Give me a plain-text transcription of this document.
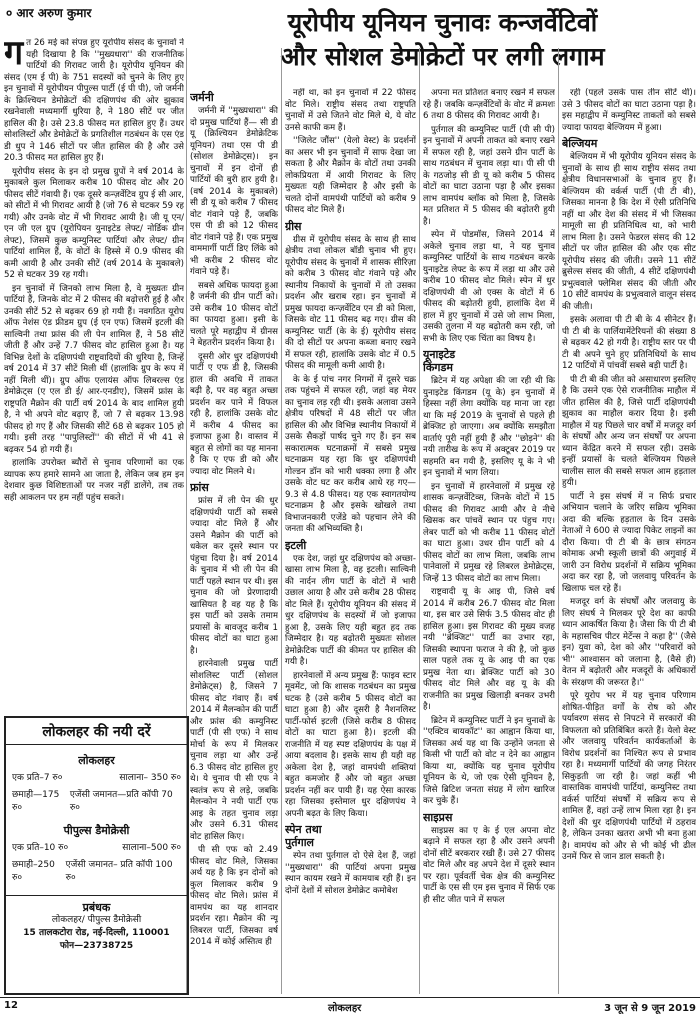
० आर अरुण कुमार	यूरोपीय यूनियन चुनावः कन्जर्वेटिवों
और सोशल डेमोक्रेटों पर लगी लगाम

गत 26 मई को संपन्न हुए यूरोपीय संसद के चुनावों ने यही दिखाया है कि ''मुख्यधारा'' की राजनीतिक पार्टियों की गिरावट जारी है। यूरोपीय यूनियन की संसद (एम ई पी) के 751 सदस्यों को चुनने के लिए हुए इन चुनावों में यूरोपीयन पीपुल्स पार्टी (ई पी पी), जो जर्मनी के क्रिश्चियन डेमोक्रेटों की दक्षिणपंथ की ओर झुकाव रखनेवाली मध्यमार्गी धुरिया है, ने 180 सीटें पर जीत हासिल की है। उसे 23.8 फीसद मत हासिल हुए हैं। उधर सोशलिस्टों और डेमोक्रेटों के प्रगतिशील गठबंधन के एस एंड डी धुप ने 146 सीटों पर जीत हासिल की है और उसे 20.3 फीसद मत हासिल हुए हैं।

यूरोपीय संसद के इन दो प्रमुख ग्रुपों ने वर्ष 2014 के मुकाबले कुल मिलाकर करीब 10 फीसद वोट और 20 फीसद सीटें गंवायी हैं। एक दूसरे कन्ज़र्वेटिव ग्रुप ई सी आर, को सीटों में भी गिरावट आयी है (जो 76 से घटकर 59 रह गयी) और उनके वोट में भी गिरावट आयी है। जी यू एन/ एन जी एल ग्रुप (यूरोपियन युनाइटेड लेफ्ट/ नोर्डिक ग्रीन लेफ्ट), जिसमें कुछ कम्युनिस्ट पार्टियां और लेफ्ट/ ग्रीन पार्टियां शामिल हैं, के वोटों के हिस्से में 0.9 फीसद की कमी आयी है और उनकी सीटें (वर्ष 2014 के मुकाबले) 52 से घटकर 39 रह गयी।

इन चुनावों में जिनको लाभ मिला है, वे मुख्यतः ग्रीन पार्टियां हैं, जिनके वोट में 2 फीसद की बढ़ोत्तरी हुई है और उनकी सीटें 52 से बढ़कर 69 हो गयी हैं। नवगठित यूरोप ऑफ नेशंस एंड फ्रीडम ग्रुप (ई एन एफ) जिसमें इटली की साल्विनी तथा फ्रांस की ली पेन शामिल हैं, ने 58 सीटें जीती हैं और उन्हें 7.7 फीसद वोट हासिल हुआ है। यह विभिन्न देशों के दक्षिणपंथी राष्ट्रवादियों की धुरिया है, जिन्हें वर्ष 2014 में 37 सीटें मिली थीं (हालांकि ग्रुप के रूप में नहीं मिली थीं)। ग्रुप ऑफ एलायंस ऑफ लिबरल्स एंड डेमोक्रेट्स (ए एल डी ई/ आर-एनडीए), जिसमें फ्रांस के राष्ट्रपति मैक्रोन की पार्टी वर्ष 2014 के बाद शामिल हुयी है, ने भी अपने वोट बढ़ाए हैं, जो 7 से बढ़कर 13.98 फीसद हो गए हैं और जिसकी सीटें 68 से बढ़कर 105 हो गयी। इसी तरह ''पापुलिस्टों'' की सीटों में भी 41 से बढ़कर 54 हो गयी हैं।

हालांकि उपरोक्त ब्यौरों से चुनाव परिणामों का एक व्यापक रूप हमारे सामने आ जाता है, लेकिन जब हम इन देशवार कुछ विशिष्टताओं पर नजर नहीं डालेंगे, तब तक सही आकलन पर हम नहीं पहुंच सकते।

लोकलहर की नयी दरें
लोकलहर
एक प्रति–7 रु०	सालाना– 350 रु०
छमाही—175 रु०
एजेंसी जमानत—प्रति कॉपी 70 रु०
पीपुल्स डैमोक्रेसी
एक प्रति–10 रु०	सालाना–500 रु०
छमाही–250 रु०
एजेंसी जमानत– प्रति कॉपी 100 रु०
प्रबंधक
लोकलहर/ पीपुल्स डैमोक्रेसी
15 तालकटोरा रोड, नई-दिल्ली, 110001
फोन—23738725
जर्मनी

जर्मनी में ''मुख्यधारा'' की दो प्रमुख पार्टियां हैं— सी डी यू (क्रिश्चियन डेमोक्रेटिक यूनियन) तथा एस पी डी (सोशल डेमोक्रेट्स)। इन चुनावों में इन दोनों ही पार्टियों की बुरी हार हुयी है। (वर्ष 2014 के मुकाबले) सी डी यू को करीब 7 फीसद वोट गंवाने पड़े हैं, जबकि एस पी डी को 12 फीसद वोट गंवाने पड़े हैं। एक प्रमुख वाममार्गी पार्टी डिए लिंके को भी करीब 2 फीसद वोट गंवाने पड़े हैं।

सबसे अधिक फायदा हुआ है जर्मनी की ग्रीन पार्टी को। उसे करीब 10 फीसद वोटों का फायदा हुआ। इसी के चलते पूरे महाद्वीप में ग्रीनस ने बेहतरीन प्रदर्शन किया है।

दूसरी ओर धुर दक्षिणपंथी पार्टी ए एफ डी है, जिसकी हाल की अवधि में ताकत बढ़ी है, पर वह बहुत अच्छा प्रदर्शन कर पाने में विफल रही है, हालांकि उसके वोट में करीब 4 फीसद का इजाफा हुआ है। वास्तव में बहुत से लोगों का यह मानना है कि ए एफ डी को और ज्यादा वोट मिलने थे।

फ्रांस

फ्रांस में ली पेन की धुर दक्षिणपंथी पार्टी को सबसे ज्यादा वोट मिले हैं और उसने मैक्रोन की पार्टी को धकेल कर दूसरे स्थान पर पंहुचा दिया है। वर्ष 2014 के चुनाव में भी ली पेन की पार्टी पहले स्थान पर थी। इस चुनाव की जो प्रेरणादायी खासियत है वह यह है कि इस पार्टी को उसके तमाम प्रयासों के बावजूद करीब 1 फीसद वोटों का घाटा हुआ है।

हारनेवाली प्रमुख पार्टी सोशलिस्ट पार्टी (सोशल डेमोक्रेट्स) है, जिसने 7 फीसद वोट गंवाए हैं। वर्ष 2014 में मैलन्कोन की पार्टी और फ्रांस की कम्युनिस्ट पार्टी (पी सी एफ) ने साथ मोर्चा के रूप में मिलकर चुनाव लड़ा था और उन्हें 6.3 फीसद वोट हासिल हुए थे। ये चुनाव पी सी एफ ने स्वतंत्र रूप से लड़े, जबकि मैलन्कोन ने नयी पार्टी एफ आइ के तहत चुनाव लड़ा और उसने 6.31 फीसद वोट हासिल किए।

पी सी एफ को 2.49 फीसद वोट मिले, जिसका अर्थ यह है कि इन दोनों को कुल मिलाकर करीब 9 फीसद वोट मिले। फ्रांस में वामपंथ का यह शानदार प्रदर्शन रहा। मैक्रोन की न्यू लिबरल पार्टी, जिसका वर्ष 2014 में कोई अस्तित्व ही

नहीं था, को इन चुनावों में 22 फीसद वोट मिले। राष्ट्रीय संसद तथा राष्ट्रपति चुनावों में उसे जितने वोट मिले थे, ये वोट उनसे काफी कम हैं।

''जिलेट जौंस'' (येलो वेस्ट) के प्रदर्शनों का असर भी इन चुनावों में साफ देखा जा सकता है और मैक्रोन के वोटों तथा उनकी लोकप्रियता में आयी गिरावट के लिए मुख्यतः यही जिम्मेदार है और इसी के चलते दोनों वामपंथी पार्टियों को करीब 9 फीसद वोट मिले हैं।

ग्रीस

ग्रीस में यूरोपीय संसद के साथ ही साथ क्षेत्रीय तथा लोकल बॉडी चुनाव भी हुए। यूरोपीय संसद के चुनावों में शासक सीरिज़ा को करीब 3 फीसद वोट गंवाने पड़े और स्थानीय निकायों के चुनावों में तो उसका प्रदर्शन और खराब रहा। इन चुनावों में प्रमुख फायदा कन्ज़र्वेटिव एन डी को मिला, जिसके वोट 11 फीसद बढ़ गए। ग्रीस की कम्युनिस्ट पार्टी (के के ई) यूरोपीय संसद की दो सीटों पर अपना कब्जा बनाए रखने में सफल रही, हालांकि उसके वोट में 0.5 फीसद की मामूली कमी आयी है।

के के ई पांच नगर निगमों में दूसरे चक्र तक पहुंचने में सफल रही, जहां वह मेयर का चुनाव लड़ रही थी। इसके अलावा उसने क्षेत्रीय परिषदों में 48 सीटों पर जीत हासिल की और विभिन्न स्थानीय निकायों में उसके सैकड़ों पार्षद चुने गए हैं। इन सब सकारात्मक घटनाक्रमों में सबसे प्रमुख घटनाक्रम यह रहा कि धुर दक्षिणपंथी गोल्डन डॉन को भारी धक्का लगा है और उसके वोट घट कर करीब आधे रह गए—9.3 से 4.8 फीसद। यह एक स्वागतयोग्य घटनाक्रम है और इसके खोखले तथा विभाजनकारी एजेंडे को पहचान लेने की जनता की अभिव्यक्ति है।

इटली

एक देश, जहां धुर दक्षिणपंथ को अच्छा-खासा लाभ मिला है, वह इटली। साल्विनी की नार्दन लीग पार्टी के वोटों में भारी उछाल आया है और उसे करीब 28 फीसद वोट मिले हैं। यूरोपीय यूनियन की संसद में धुर दक्षिणपंथ के सदस्यों में जो इजाफा हुआ है, उसके लिए यही बहुत हद तक जिम्मेदार है। यह बढ़ोतरी मुख्यतः सोशल डेमोक्रेटिक पार्टी की कीमत पर हासिल की गयी है।

हारनेवालों में अन्य प्रमुख हैं: फाइव स्टार मूवमेंट, जो कि शासक गठबंधन का प्रमुख घटक है (उसे करीब 5 फीसद वोटों का घाटा हुआ है) और दूसरी है नैशनलिस्ट पार्टी-फोर्स इटली (जिसे करीब 8 फीसद वोटों का घाटा हुआ है)। इटली की राजनीति में यह स्पष्ट दक्षिणपंथ के पक्ष में आया बदलाव है। इसके साथ ही यही वह अकेला देश है, जहां वामपंथी शक्तियां बहुत कमजोर हैं और जो बहुत अच्छा प्रदर्शन नहीं कर पायी हैं। यह ऐसा कारक रहा जिसका इस्तेमाल धुर दक्षिणपंथ ने अपनी बढ़त के लिए किया।

स्पेन तथा
पुर्तगाल

स्पेन तथा पुर्तगाल दो ऐसे देश हैं, जहां ''मुख्यधारा'' की पार्टियां अपना प्रमुख स्थान कायम रखने में कामयाब रही हैं। इन दोनों देशों में सोशल डेमोक्रेट कमोबेश

अपना मत प्रतिशत बनाए रखने में सफल रहे हैं। जबकि कन्ज़र्वेटिवों के वोट में क्रमशः 6 तथा 8 फीसद की गिरावट आयी है।

पुर्तगाल की कम्युनिस्ट पार्टी (पी सी पी) इन चुनावों में अपनी ताकत को बनाए रखने में सफल रही है, जहां उसने ग्रीन पार्टी के साथ गठबंधन में चुनाव लड़ा था। पी सी पी के गठजोड़ सी डी यू को करीब 5 फीसद वोटों का घाटा उठाना पड़ा है और इसका लाभ वामपंथ ब्लॉक को मिला है, जिसके मत प्रतिशत में 5 फीसद की बढ़ोतरी हुयी है।

स्पेन में पोडमॉस, जिसने 2014 में अकेले चुनाव लड़ा था, ने यह चुनाव कम्युनिस्ट पार्टियों के साथ गठबंधन करके युनाइटेड लेफ्ट के रूप में लड़ा था और उसे करीब 10 फीसद वोट मिले। स्पेन में धुर दक्षिणपंथी वी ओ एक्स के वोटों में 6 फीसद की बढ़ोतरी हुयी, हालांकि देश में हाल में हुए चुनावों में उसे जो लाभ मिला, उसकी तुलना में यह बढ़ोतरी कम रही, जो सभी के लिए एक चिंता का विषय है।

यूनाइटेड
किंगडम

ब्रिटेन में यह अपेक्षा की जा रही थी कि युनाइटेड किंगडम (यू के) इन चुनावों में हिस्सा नहीं लेगा क्योंकि यह माना जा रहा था कि मई 2019 के चुनावों से पहले ही ब्रेक्जिट हो जाएगा। अब क्योंकि समझौता वार्ताएं पूरी नहीं हुयी हैं और ''छोड़ने'' की नयी तारीख के रूप में अक्टूबर 2019 पर सहमति बन गयी है, इसलिए यू के ने भी इन चुनावों में भाग लिया।

इन चुनावों में हारनेवालों में प्रमुख रहे शासक कन्ज़र्वेटिव्स, जिनके वोटों में 15 फीसद की गिरावट आयी और वे नीचे खिसक कर पांचवें स्थान पर पंहुच गए। लेबर पार्टी को भी करीब 11 फीसद वोटों का घाटा हुआ। उधर ग्रीन पार्टी को 4 फीसद वोटों का लाभ मिला, जबकि लाभ पानेवालों में प्रमुख रहे लिबरल डेमोक्रेट्स, जिन्हें 13 फीसद वोटों का लाभ मिला।

राष्ट्रवादी यू के आइ पी, जिसे वर्ष 2014 में करीब 26.7 फीसद वोट मिला था, इस बार उसे सिर्फ 3.5 फीसद वोट ही हासिल हुआ। इस गिरावट की मुख्य वजह नयी ''ब्रेक्जिट'' पार्टी का उभार रहा, जिसकी स्थापना फराज ने की है, जो कुछ साल पहले तक यू के आइ पी का एक प्रमुख नेता था। ब्रेक्जिट पार्टी को 30 फीसद वोट मिले और वह यू के की राजनीति का प्रमुख खिलाड़ी बनकर उभरी है।

ब्रिटेन में कम्युनिस्ट पार्टी ने इन चुनावों के ''एक्टिव बायकॉट'' का आह्वान किया था, जिसका अर्थ यह था कि उन्होंने जनता से किसी भी पार्टी को वोट न देने का आह्वान किया था, क्योंकि यह चुनाव यूरोपीय यूनियन के थे, जो एक ऐसी यूनियन है, जिसे ब्रिटिश जनता संग्रह में लोग खारिज कर चुके हैं।

साइप्रस

साइप्रस का ए के ई एल अपना वोट बढ़ाने में सफल रहा है और उसने अपनी दोनों सीटें बरकरार रखी हैं। उसे 27 फीसद वोट मिले और वह अपने देश में दूसरे स्थान पर रहा। पूर्ववर्ती चेक क्षेत्र की कम्युनिस्ट पार्टी के एस सी एम इस चुनाव में सिर्फ एक ही सीट जीत पाने में सफल

रही (पहले उसके पास तीन सीटें थीं)। उसे 3 फीसद वोटों का घाटा उठाना पड़ा है। इस महाद्वीप में कम्युनिस्ट ताकतों को सबसे ज्यादा फायदा बेल्जियम में हुआ।

बेल्जियम

बेल्जियम में भी यूरोपीय यूनियन संसद के चुनावों के साथ ही साथ राष्ट्रीय संसद तथा क्षेत्रीय विधानसभाओं के चुनाव हुए हैं। बेल्जियम की वर्कर्स पार्टी (पी टी बी), जिसका मानना है कि देश में ऐसी प्रतिनिधि नहीं था और देश की संसद में भी जिसका मामूली सा ही प्रतिनिधित्व था, को भारी लाभ मिला है। उसने फेडरल संसद की 12 सीटों पर जीत हासिल की और एक सीट यूरोपीय संसद की जीती। उसने 11 सीटें ब्रुसेल्स संसद की जीती, 4 सीटें दक्षिणपंथी प्रभुत्ववाले फ्लेमिश संसद की जीती और 10 सीटें वामपंथ के प्रभुत्ववाले वालून संसद की जीती।

इसके अलावा पी टी बी के 4 सीनेटर हैं। पी टी बी के पार्लियामेंटेरियनों की संख्या 8 से बढ़कर 42 हो गयी है। राष्ट्रीय स्तर पर पी टी बी अपने चुने हुए प्रतिनिधियों के साथ 12 पार्टियों में पांचवीं सबसे बड़ी पार्टी है।

पी टी बी की जीत को असाधारण इसलिए है कि उसने एक ऐसे राजनीतिक माहौल में जीत हासिल की है, जिसे पार्टी दक्षिणपंथी झुकाव का माहौल करार दिया है। इसी माहौल में यह पिछले चार वर्षों में मजदूर वर्ग के संघर्षों और अन्य जन संघर्षों पर अपना ध्यान केंद्रित करने में सफल रही। उसके इन्हीं प्रयासों के चलते बेल्जियम पिछले चालीस साल की सबसे सफल आम हड़ताल हुयी।

पार्टी ने इस संघर्ष में न सिर्फ प्रचार अभियान चलाने के जरिए सक्रिय भूमिका अदा की बल्कि हड़ताल के दिन उसके नेताओं ने 600 से ज्यादा पिकेट लाइनों का दौरा किया। पी टी बी के छात्र संगठन कोमाक अभी स्कूली छात्रों की अगुवाई में जारी उन विरोध प्रदर्शनों में सक्रिय भूमिका अदा कर रहा है, जो जलवायु परिवर्तन के खिलाफ चल रहे हैं।

मजदूर वर्ग के संघर्षों और जलवायु के लिए संघर्ष ने मिलकर पूरे देश का काफी ध्यान आकर्षित किया है। जैसा कि पी टी बी के महासचिव पीटर मेर्टेन्स ने कहा है'' (जैसे इन) युवा को, देश को और ''परिवारों को भी'' आश्वासन को जलाना है, (वैसे ही) वेतन में बढ़ोतरी और मजदूरों के अधिकारों के संरक्षण की जरूरत है।''

पूरे यूरोप भर में यह चुनाव परिणाम शोषित-पीड़ित वर्गों के रोष को और पर्यावरण संसद से निपटने में सरकारों की विफलता को प्रतिबिंबित करते हैं। येलो वेस्ट और जलवायु परिवर्तन कार्यकर्ताओं के विरोध प्रदर्शनों का निश्चित रूप से प्रभाव रहा है। मध्यमार्गी पार्टियों की जगह निरंतर सिकुड़ती जा रही है। जहां कहीं भी वास्तविक वामपंथी पार्टियां, कम्युनिस्ट तथा वर्कर्स पार्टियां संघर्षों में सक्रिय रूप से शामिल हैं, वहां उन्हें लाभ मिला रहा है। इन देशों की धुर दक्षिणपंथी पार्टियों में ठहराव है, लेकिन उनका खतरा अभी भी बना हुआ है। वामपंथ को और से भी कोई भी ढील उनमें फिर से जान डाल सकती है।

12	लोकलहर	3 जून से 9 जून 2019
